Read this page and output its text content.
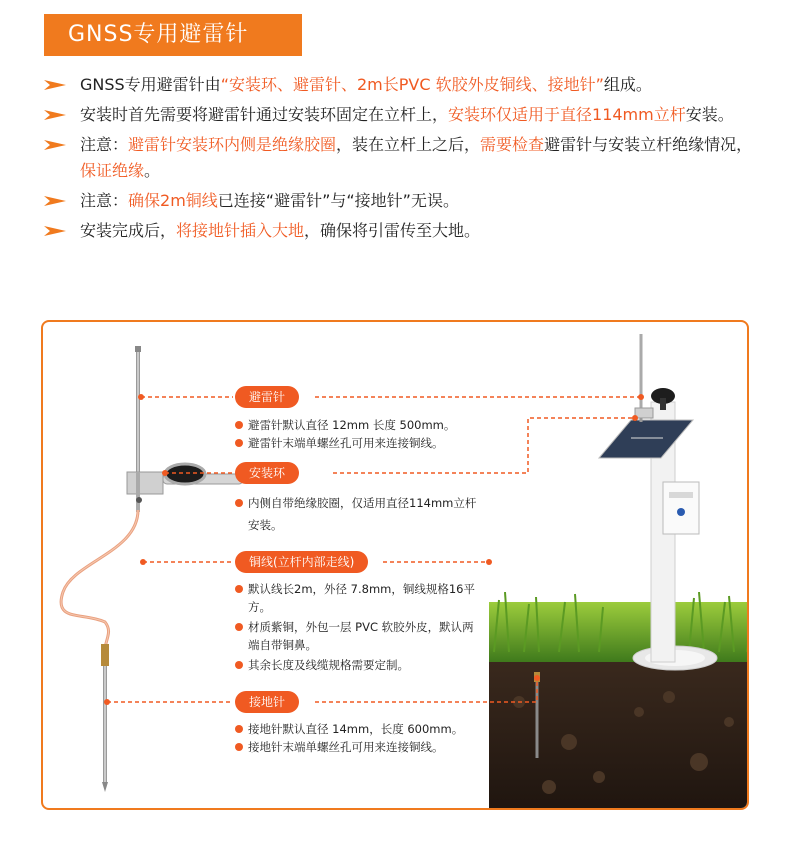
GNSS专用避雷针
GNSS专用避雷针由“安装环、避雷针、2m长PVC 软胶外皮铜线、接地针”组成。
安装时首先需要将避雷针通过安装环固定在立杆上，安装环仅适用于直径114mm立杆安装。
注意：避雷针安装环内侧是绝缘胶圈，装在立杆上之后，需要检查避雷针与安装立杆绝缘情况，保证绝缘。
注意：确保2m铜线已连接“避雷针”与“接地针”无误。
安装完成后，将接地针插入大地，确保将引雷传至大地。
避雷针
避雷针默认直径 12mm 长度 500mm。
避雷针末端单螺丝孔可用来连接铜线。
安装环
内侧自带绝缘胶圈，仅适用直径114mm立杆安装。
铜线(立杆内部走线)
默认线长2m，外径 7.8mm，铜线规格16平方。
材质紫铜，外包一层 PVC 软胶外皮，默认两端自带铜鼻。
其余长度及线缆规格需要定制。
接地针
接地针默认直径 14mm，长度 600mm。
接地针末端单螺丝孔可用来连接铜线。
